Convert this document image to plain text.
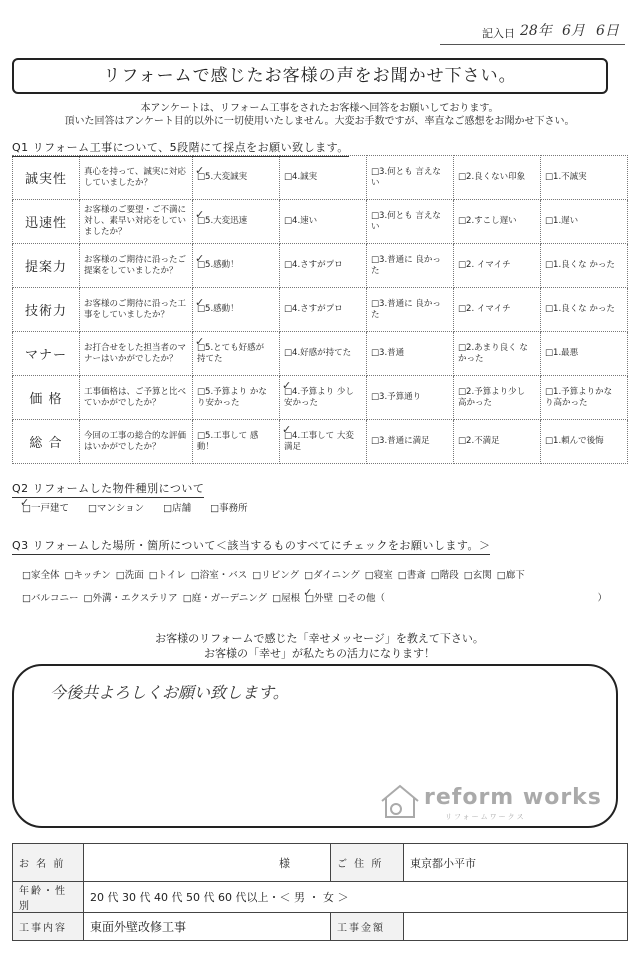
記入日 28年 6月 6日
リフォームで感じたお客様の声をお聞かせ下さい。
本アンケートは、リフォーム工事をされたお客様へ回答をお願いしております。
頂いた回答はアンケート目的以外に一切使用いたしません。大変お手数ですが、率直なご感想をお聞かせ下さい。
Q1 リフォーム工事について、5段階にて採点をお願い致します。
誠実性	真心を持って、誠実に対応していましたか？	□5.大変誠実 ✓	□4.誠実	□3.何とも 言えない	□2.良くない印象	□1.不誠実
迅速性	お客様のご要望・ご不満に対し、素早い対応をしていましたか？	□5.大変迅速 ✓	□4.速い	□3.何とも 言えない	□2.すこし遅い	□1.遅い
提案力	お客様のご期待に沿ったご提案をしていましたか？	□5.感動！ ✓	□4.さすがプロ	□3.普通に 良かった	□2. イマイチ	□1.良くな かった
技術力	お客様のご期待に沿った工事をしていましたか？	□5.感動！ ✓	□4.さすがプロ	□3.普通に 良かった	□2. イマイチ	□1.良くな かった
マナー	お打合せをした担当者のマナーはいかがでしたか？	□5.とても好感が 持てた ✓	□4.好感が持てた	□3.普通	□2.あまり良く なかった	□1.最悪
価 格	工事価格は、ご予算と比べていかがでしたか？	□5.予算より かなり安かった	□4.予算より 少し安かった ✓	□3.予算通り	□2.予算より少し 高かった	□1.予算よりかな り高かった
総 合	今回の工事の総合的な評価はいかがでしたか？	□5.工事して 感動！	□4.工事して 大変満足 ✓	□3.普通に満足	□2.不満足	□1.頼んで後悔
Q2 リフォームした物件種別について
□一戸建て ✓ □マンション □店舗 □事務所
Q3 リフォームした場所・箇所について＜該当するものすべてにチェックをお願いします。＞
□家全体 □キッチン □洗面 □トイレ □浴室・バス □リビング □ダイニング □寝室 □書斎 □階段 □玄関 □廊下
□バルコニー □外溝・エクステリア □庭・ガーデニング □屋根 □外壁 ✓ □その他（	）
お客様のリフォームで感じた「幸せメッセージ」を教えて下さい。
お客様の「幸せ」が私たちの活力になります！
今後共よろしくお願い致します。
reform works
リフォームワークス
お 名 前	様	ご 住 所	東京都小平市
年齢・性別	20 代 30 代 40 代 50 代 60 代以上・＜ 男 ・ 女 ＞		
工事内容	東面外壁改修工事	工事金額	
